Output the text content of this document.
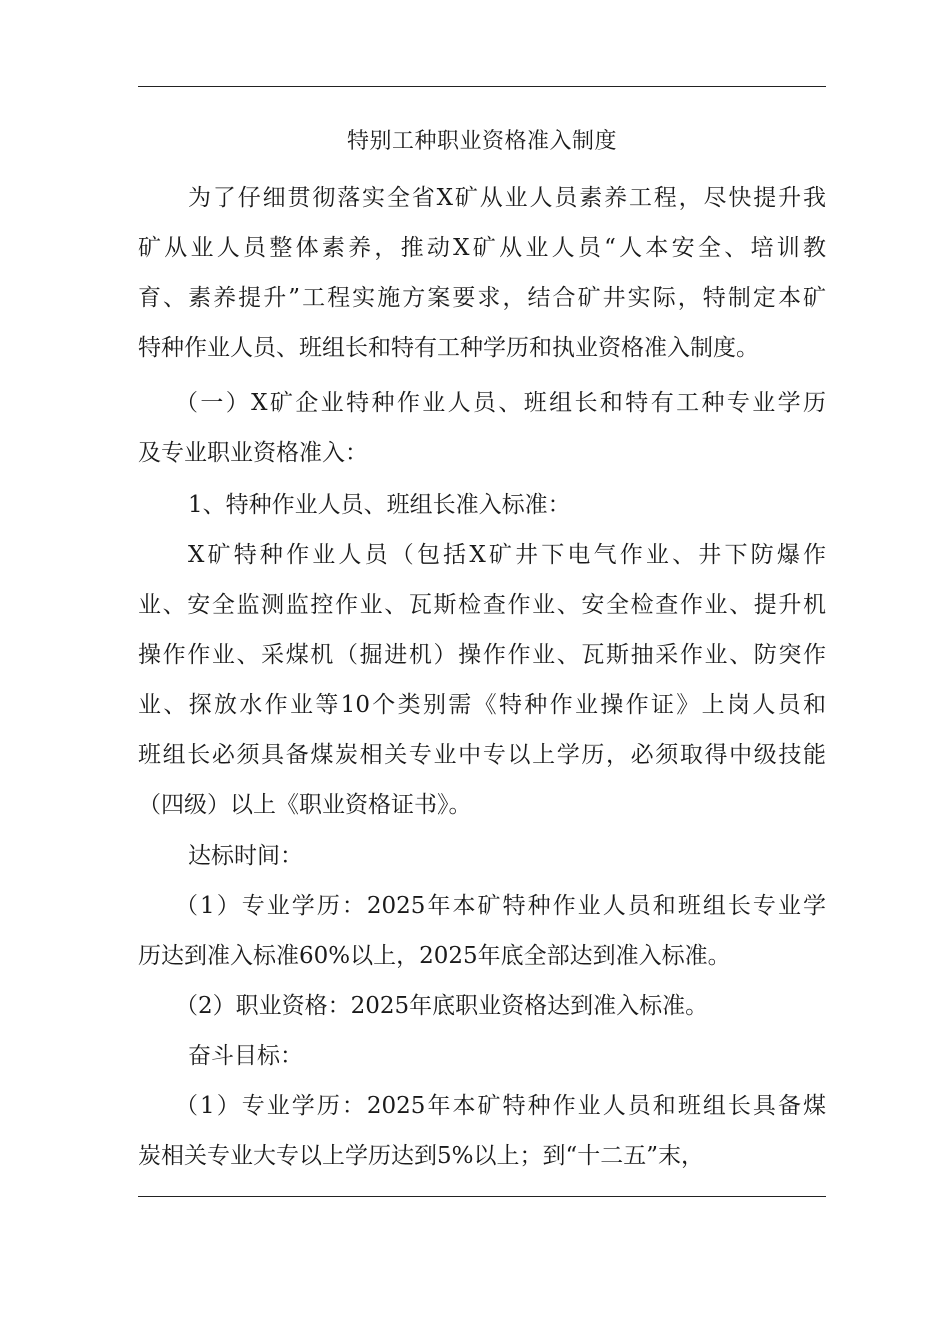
特别工种职业资格准入制度
为了仔细贯彻落实全省X矿从业人员素养工程，尽快提升我
矿从业人员整体素养，推动X矿从业人员“人本安全、培训教
育、素养提升”工程实施方案要求，结合矿井实际，特制定本矿
特种作业人员、班组长和特有工种学历和执业资格准入制度。
（一）X矿企业特种作业人员、班组长和特有工种专业学历
及专业职业资格准入：
1、特种作业人员、班组长准入标准：
X矿特种作业人员（包括X矿井下电气作业、井下防爆作
业、安全监测监控作业、瓦斯检查作业、安全检查作业、提升机
操作作业、采煤机（掘进机）操作作业、瓦斯抽采作业、防突作
业、探放水作业等10个类别需《特种作业操作证》上岗人员和
班组长必须具备煤炭相关专业中专以上学历，必须取得中级技能
（四级）以上《职业资格证书》。
达标时间：
（1）专业学历：2025年本矿特种作业人员和班组长专业学
历达到准入标准60%以上，2025年底全部达到准入标准。
（2）职业资格：2025年底职业资格达到准入标准。
奋斗目标：
（1）专业学历：2025年本矿特种作业人员和班组长具备煤
炭相关专业大专以上学历达到5%以上；到“十二五”末，
